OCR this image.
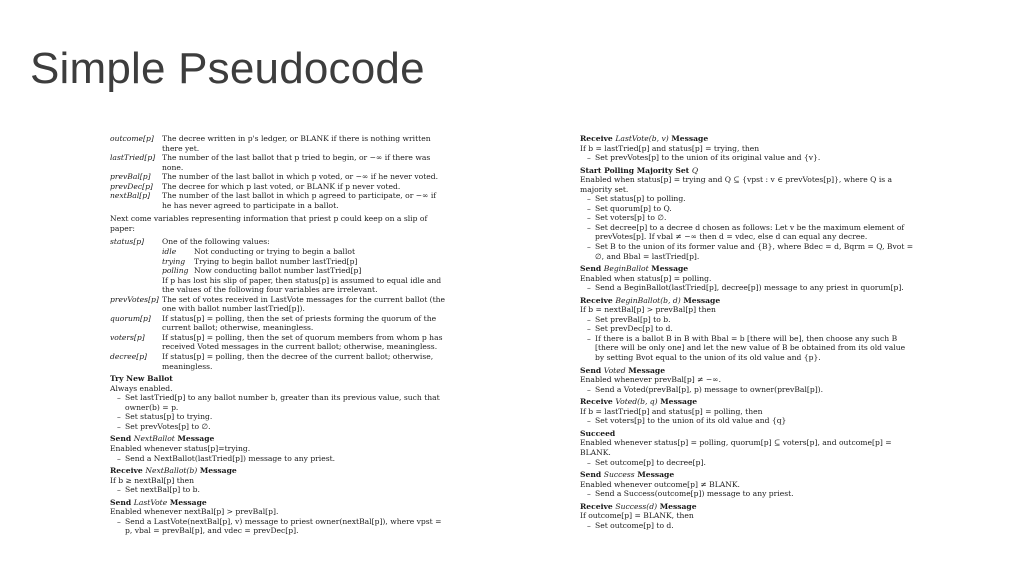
Simple Pseudocode
outcome[p]	The decree written in p's ledger, or BLANK if there is nothing written there yet.
lastTried[p] The number of the last ballot that p tried to begin, or −∞ if there was none.
prevBal[p]	The number of the last ballot in which p voted, or −∞ if he never voted.
prevDec[p]	The decree for which p last voted, or BLANK if p never voted.
nextBal[p]	The number of the last ballot in which p agreed to participate, or −∞ if he has never agreed to participate in a ballot.

Next come variables representing information that priest p could keep on a slip of paper:

status[p]	One of the following values:
idle	Not conducting or trying to begin a ballot
trying	Trying to begin ballot number lastTried[p]
polling Now conducting ballot number lastTried[p]
If p has lost his slip of paper, then status[p] is assumed to equal idle and the values of the following four variables are irrelevant.
prevVotes[p] The set of votes received in LastVote messages for the current ballot (the one with ballot number lastTried[p]).
quorum[p]	If status[p] = polling, then the set of priests forming the quorum of the current ballot; otherwise, meaningless.
voters[p]	If status[p] = polling, then the set of quorum members from whom p has received Voted messages in the current ballot; otherwise, meaningless.
decree[p]	If status[p] = polling, then the decree of the current ballot; otherwise, meaningless.
Try New Ballot
Always enabled.
– Set lastTried[p] to any ballot number b, greater than its previous value, such that owner(b) = p.
– Set status[p] to trying.
– Set prevVotes[p] to ∅.
Send NextBallot Message
Enabled whenever status[p]=trying.
– Send a NextBallot(lastTried[p]) message to any priest.
Receive NextBallot(b) Message
If b ≥ nextBal[p] then
– Set nextBal[p] to b.
Send LastVote Message
Enabled whenever nextBal[p] > prevBal[p].
– Send a LastVote(nextBal[p], v) message to priest owner(nextBal[p]), where vpst = p, vbal = prevBal[p], and vdec = prevDec[p].
Receive LastVote(b, v) Message
If b = lastTried[p] and status[p] = trying, then
– Set prevVotes[p] to the union of its original value and {v}.
Start Polling Majority Set Q
Enabled when status[p] = trying and Q ⊆ {vpst : v ∈ prevVotes[p]}, where Q is a majority set.
– Set status[p] to polling.
– Set quorum[p] to Q.
– Set voters[p] to ∅.
– Set decree[p] to a decree d chosen as follows: Let v be the maximum element of prevVotes[p]. If vbal ≠ −∞ then d = vdec, else d can equal any decree.
– Set B to the union of its former value and {B}, where Bdec = d, Bqrm = Q, Bvot = ∅, and Bbal = lastTried[p].
Send BeginBallot Message
Enabled when status[p] = polling.
– Send a BeginBallot(lastTried[p], decree[p]) message to any priest in quorum[p].
Receive BeginBallot(b, d) Message
If b = nextBal[p] > prevBal[p] then
– Set prevBal[p] to b.
– Set prevDec[p] to d.
– If there is a ballot B in B with Bbal = b [there will be], then choose any such B [there will be only one] and let the new value of B be obtained from its old value by setting Bvot equal to the union of its old value and {p}.
Send Voted Message
Enabled whenever prevBal[p] ≠ −∞.
– Send a Voted(prevBal[p], p) message to owner(prevBal[p]).
Receive Voted(b, q) Message
If b = lastTried[p] and status[p] = polling, then
– Set voters[p] to the union of its old value and {q}
Succeed
Enabled whenever status[p] = polling, quorum[p] ⊆ voters[p], and outcome[p] = BLANK.
– Set outcome[p] to decree[p].
Send Success Message
Enabled whenever outcome[p] ≠ BLANK.
– Send a Success(outcome[p]) message to any priest.
Receive Success(d) Message
If outcome[p] = BLANK, then
– Set outcome[p] to d.
